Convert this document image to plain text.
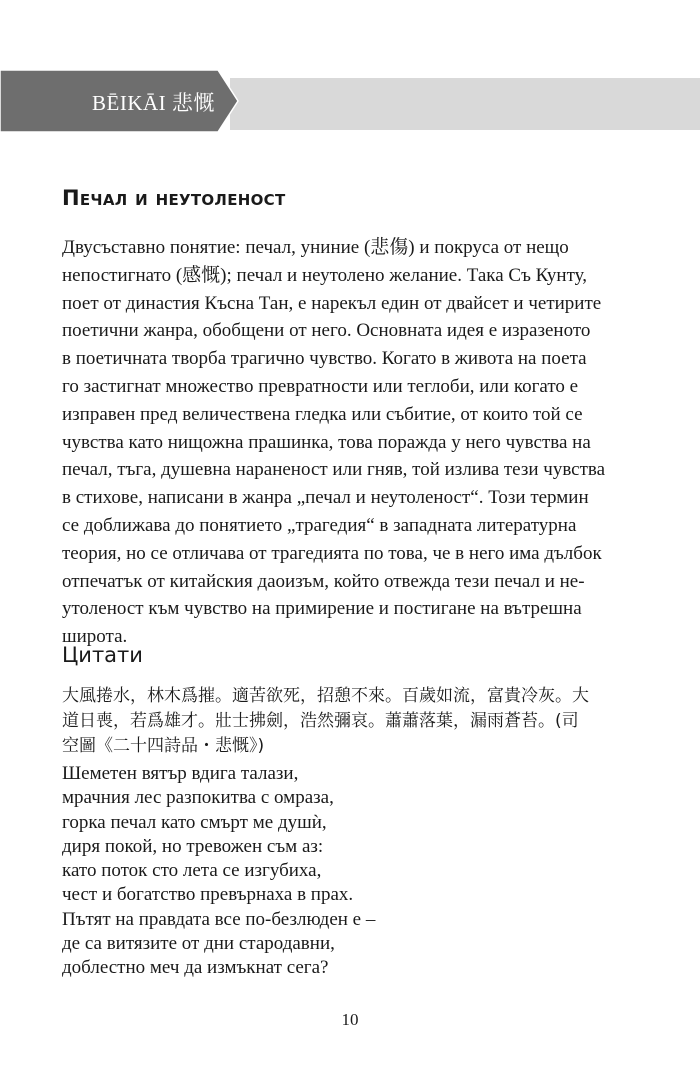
BĒIKĀI 悲慨
Печал и неутоленост
Двусъставно понятие: печал, униние (悲傷) и покруса от нещо
непостигнато (感慨); печал и неутолено желание. Така Съ Кунту,
поет от династия Късна Тан, е нарекъл един от двайсет и четирите
поетични жанра, обобщени от него. Основната идея е изразеното
в поетичната творба трагично чувство. Когато в живота на поета
го застигнат множество превратности или теглоби, или когато е
изправен пред величествена гледка или събитие, от които той се
чувства като нищожна прашинка, това поражда у него чувства на
печал, тъга, душевна нараненост или гняв, той излива тези чувства
в стихове, написани в жанра „печал и неутоленост“. Този термин
се доближава до понятието „трагедия“ в западната литературна
теория, но се отличава от трагедията по това, че в него има дълбок
отпечатък от китайския даоизъм, който отвежда тези печал и не-
утоленост към чувство на примирение и постигане на вътрешна
широта.
Цитати
大風捲水，林木爲摧。適苦欲死，招憩不來。百歲如流，富貴冷灰。大
道日喪，若爲雄才。壯士拂劍，浩然彌哀。蕭蕭落葉，漏雨蒼苔。(司
空圖《二十四詩品・悲慨》)
Шеметен вятър вдига талази,
мрачния лес разпокитва с омраза,
горка печал като смърт ме душѝ,
диря покой, но тревожен съм аз:
като поток сто лета се изгубиха,
чест и богатство превърнаха в прах.
Пътят на правдата все по-безлюден е –
де са витязите от дни стародавни,
доблестно меч да измъкнат сега?
10
